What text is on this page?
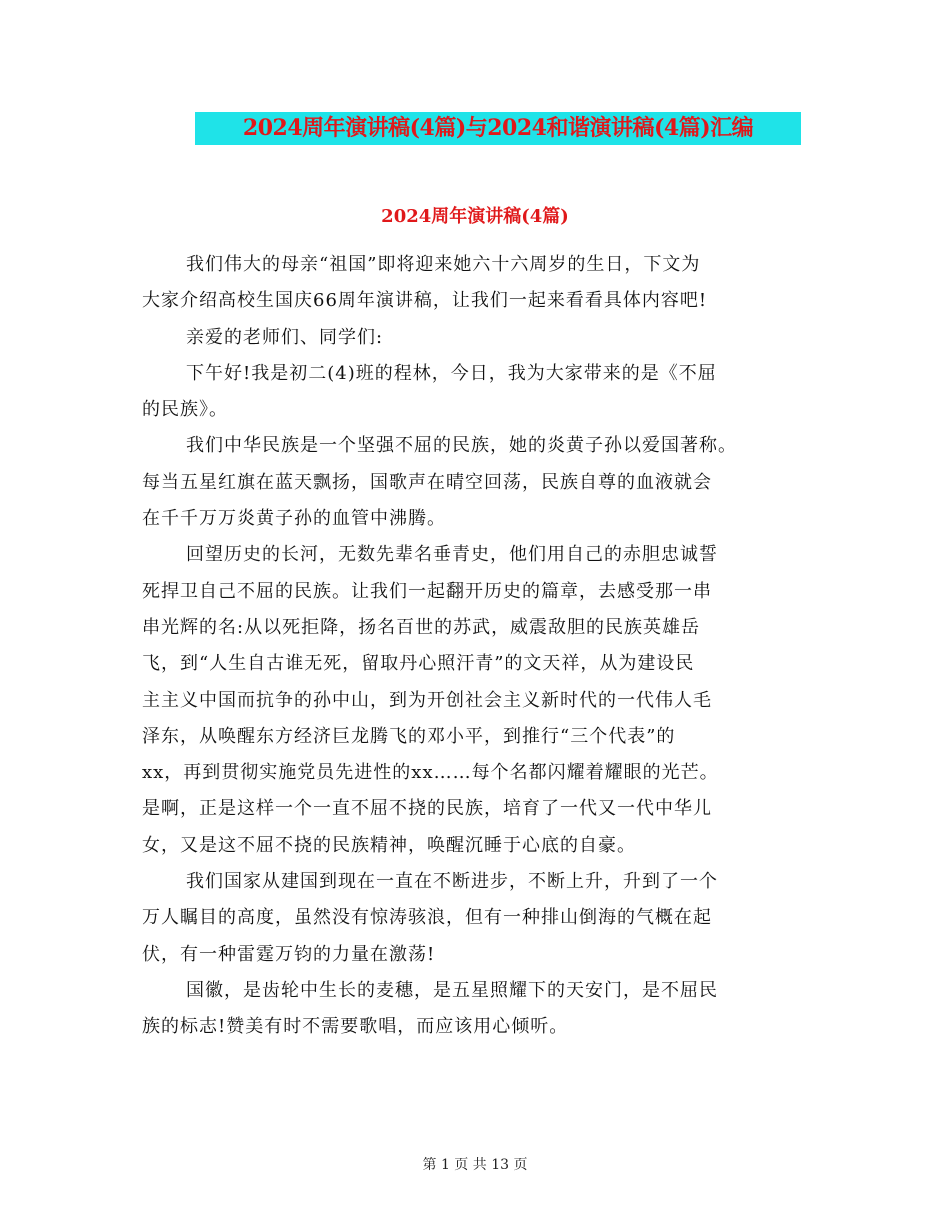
2024周年演讲稿(4篇)与2024和谐演讲稿(4篇)汇编
2024周年演讲稿(4篇)
我们伟大的母亲“祖国”即将迎来她六十六周岁的生日，下文为
大家介绍高校生国庆66周年演讲稿，让我们一起来看看具体内容吧!
亲爱的老师们、同学们:
下午好!我是初二(4)班的程林，今日，我为大家带来的是《不屈
的民族》。
我们中华民族是一个坚强不屈的民族，她的炎黄子孙以爱国著称。
每当五星红旗在蓝天飘扬，国歌声在晴空回荡，民族自尊的血液就会
在千千万万炎黄子孙的血管中沸腾。
回望历史的长河，无数先辈名垂青史，他们用自己的赤胆忠诚誓
死捍卫自己不屈的民族。让我们一起翻开历史的篇章，去感受那一串
串光辉的名:从以死拒降，扬名百世的苏武，威震敌胆的民族英雄岳
飞，到“人生自古谁无死，留取丹心照汗青”的文天祥，从为建设民
主主义中国而抗争的孙中山，到为开创社会主义新时代的一代伟人毛
泽东，从唤醒东方经济巨龙腾飞的邓小平，到推行“三个代表”的
xx，再到贯彻实施党员先进性的xx……每个名都闪耀着耀眼的光芒。
是啊，正是这样一个一直不屈不挠的民族，培育了一代又一代中华儿
女，又是这不屈不挠的民族精神，唤醒沉睡于心底的自豪。
我们国家从建国到现在一直在不断进步，不断上升，升到了一个
万人瞩目的高度，虽然没有惊涛骇浪，但有一种排山倒海的气概在起
伏，有一种雷霆万钧的力量在激荡!
国徽，是齿轮中生长的麦穗，是五星照耀下的天安门，是不屈民
族的标志!赞美有时不需要歌唱，而应该用心倾听。
第 1 页 共 13 页
